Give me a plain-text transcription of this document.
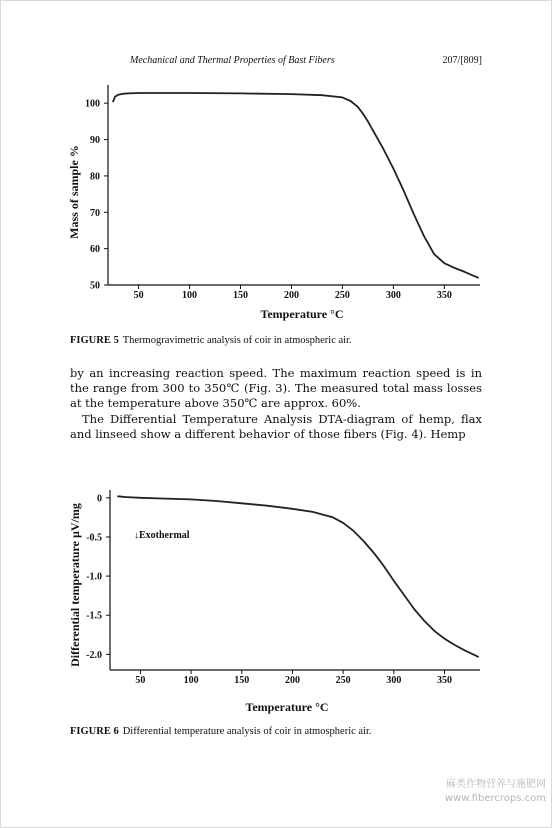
Mechanical and Thermal Properties of Bast Fibers	207/[809]
50	100	150	200	250	300	350
50
60
70
80
90
100
Temperature °C
Mass of sample %
FIGURE 5 Thermogravimetric analysis of coir in atmospheric air.

by an increasing reaction speed. The maximum reaction speed is in the range from 300 to 350℃ (Fig. 3). The measured total mass losses at the temperature above 350℃ are approx. 60%.

The Differential Temperature Analysis DTA-diagram of hemp, flax and linseed show a different behavior of those fibers (Fig. 4). Hemp

50	100	150	200	250	300	350
0
-0.5
-1.0
-1.5
-2.0
↓Exothermal
Temperature °C
Differential temperature µV/mg
FIGURE 6 Differential temperature analysis of coir in atmospheric air.
麻类作物营养与施肥网
www.fibercrops.com
